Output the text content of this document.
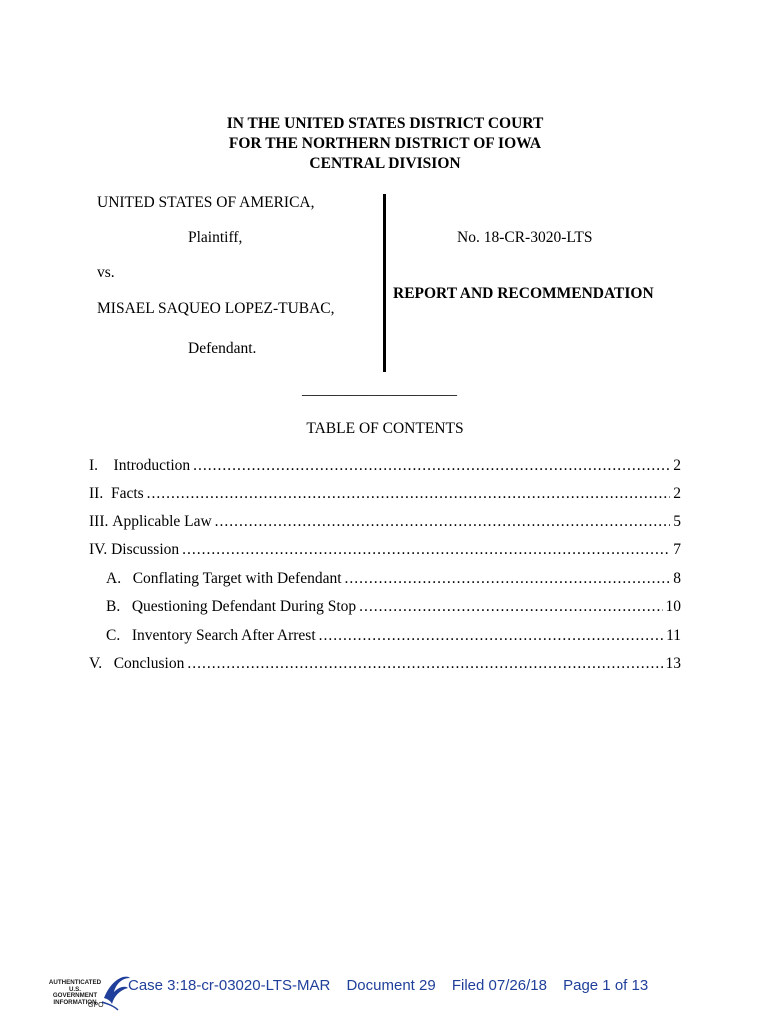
IN THE UNITED STATES DISTRICT COURT
FOR THE NORTHERN DISTRICT OF IOWA
CENTRAL DIVISION
UNITED STATES OF AMERICA,
Plaintiff,
vs.
MISAEL SAQUEO LOPEZ-TUBAC,
Defendant.
No. 18-CR-3020-LTS
REPORT AND RECOMMENDATION
____________________
TABLE OF CONTENTS
I. Introduction .....	2
II. Facts .....	2
III. Applicable Law .....	5
IV. Discussion .....	7
A. Conflating Target with Defendant .....	8
B. Questioning Defendant During Stop .....	10
C. Inventory Search After Arrest .....	11
V. Conclusion .....	13
AUTHENTICATED U.S. GOVERNMENT INFORMATION
GPO
Case 3:18-cr-03020-LTS-MAR Document 29 Filed 07/26/18 Page 1 of 13
